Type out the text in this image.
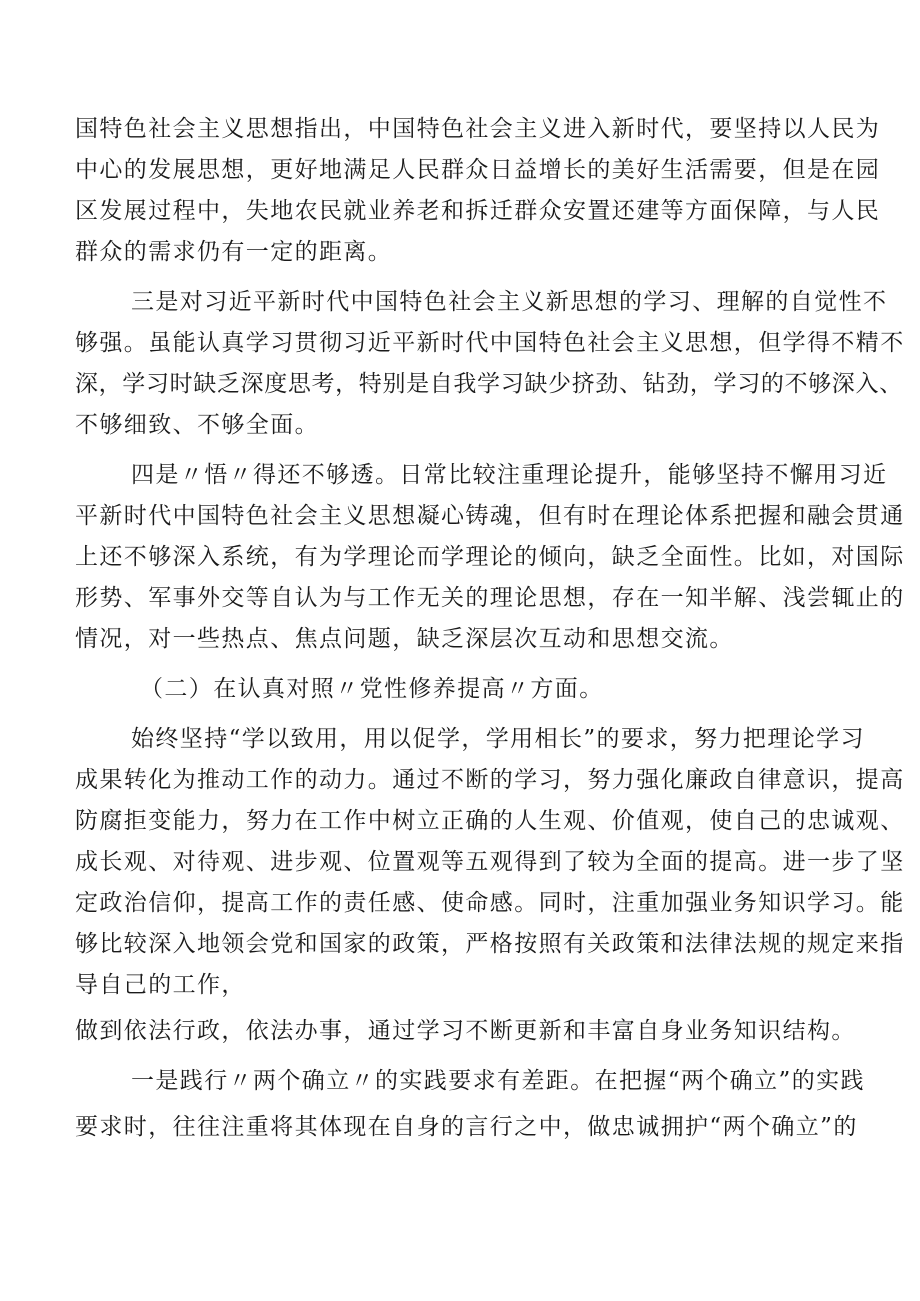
国特色社会主义思想指出，中国特色社会主义进入新时代，要坚持以人民为
中心的发展思想，更好地满足人民群众日益增长的美好生活需要，但是在园
区发展过程中，失地农民就业养老和拆迁群众安置还建等方面保障，与人民
群众的需求仍有一定的距离。
三是对习近平新时代中国特色社会主义新思想的学习、理解的自觉性不
够强。虽能认真学习贯彻习近平新时代中国特色社会主义思想，但学得不精不
深，学习时缺乏深度思考，特别是自我学习缺少挤劲、钻劲，学习的不够深入、
不够细致、不够全面。
四是〃悟〃得还不够透。日常比较注重理论提升，能够坚持不懈用习近
平新时代中国特色社会主义思想凝心铸魂，但有时在理论体系把握和融会贯通
上还不够深入系统，有为学理论而学理论的倾向，缺乏全面性。比如，对国际
形势、军事外交等自认为与工作无关的理论思想，存在一知半解、浅尝辄止的
情况，对一些热点、焦点问题，缺乏深层次互动和思想交流。
（二）在认真对照〃党性修养提高〃方面。
始终坚持“学以致用，用以促学，学用相长”的要求，努力把理论学习
成果转化为推动工作的动力。通过不断的学习，努力强化廉政自律意识，提高
防腐拒变能力，努力在工作中树立正确的人生观、价值观，使自己的忠诚观、
成长观、对待观、进步观、位置观等五观得到了较为全面的提高。进一步了坚
定政治信仰，提高工作的责任感、使命感。同时，注重加强业务知识学习。能
够比较深入地领会党和国家的政策，严格按照有关政策和法律法规的规定来指
导自己的工作，
做到依法行政，依法办事，通过学习不断更新和丰富自身业务知识结构。
一是践行〃两个确立〃的实践要求有差距。在把握“两个确立”的实践
要求时，往往注重将其体现在自身的言行之中，做忠诚拥护“两个确立”的
